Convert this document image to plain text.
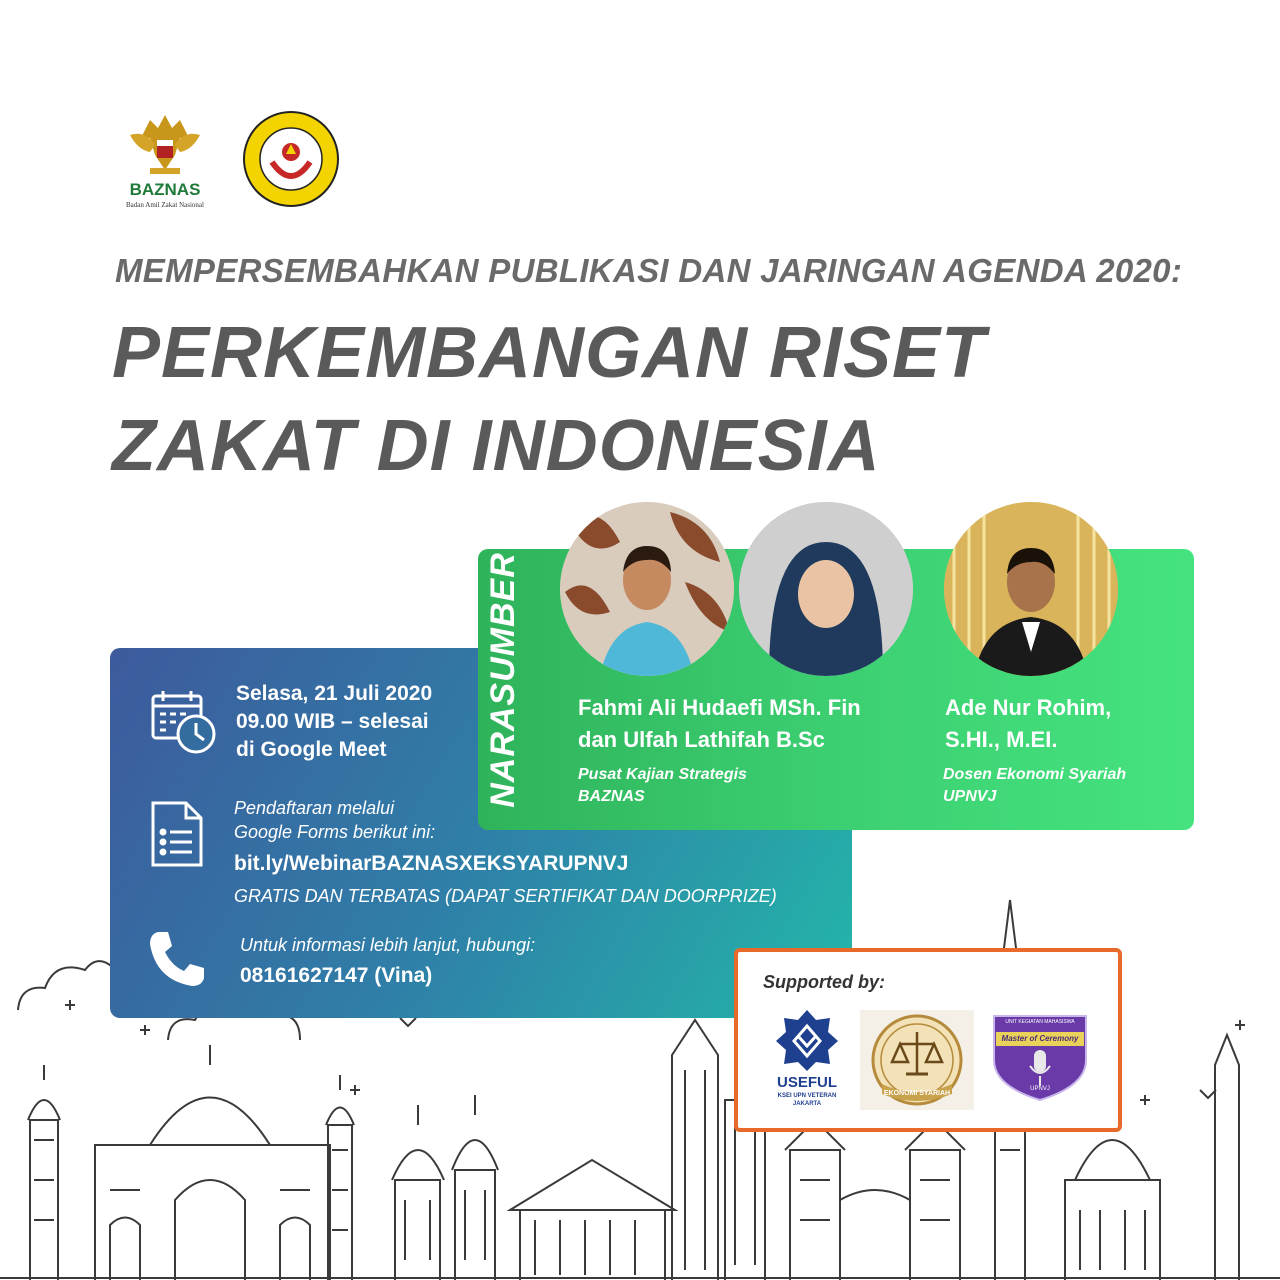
BAZNAS
Badan Amil Zakat Nasional
MEMPERSEMBAHKAN PUBLIKASI DAN JARINGAN AGENDA 2020:
PERKEMBANGAN RISET
ZAKAT DI INDONESIA
Selasa, 21 Juli 2020
09.00 WIB – selesai
di Google Meet
Pendaftaran melalui
Google Forms berikut ini:
bit.ly/WebinarBAZNASXEKSYARUPNVJ
GRATIS DAN TERBATAS (DAPAT SERTIFIKAT DAN DOORPRIZE)
Untuk informasi lebih lanjut, hubungi:
08161627147 (Vina)
NARASUMBER	Fahmi Ali Hudaefi MSh. Fin
dan Ulfah Lathifah B.Sc
Pusat Kajian Strategis
BAZNAS
Ade Nur Rohim,
S.HI., M.EI.
Dosen Ekonomi Syariah
UPNVJ
Supported by:
USEFUL
KSEI UPN VETERAN
JAKARTA
EKONOMI SYARIAH
UNIT KEGIATAN MAHASISWA
Master of Ceremony
UPNVJ
